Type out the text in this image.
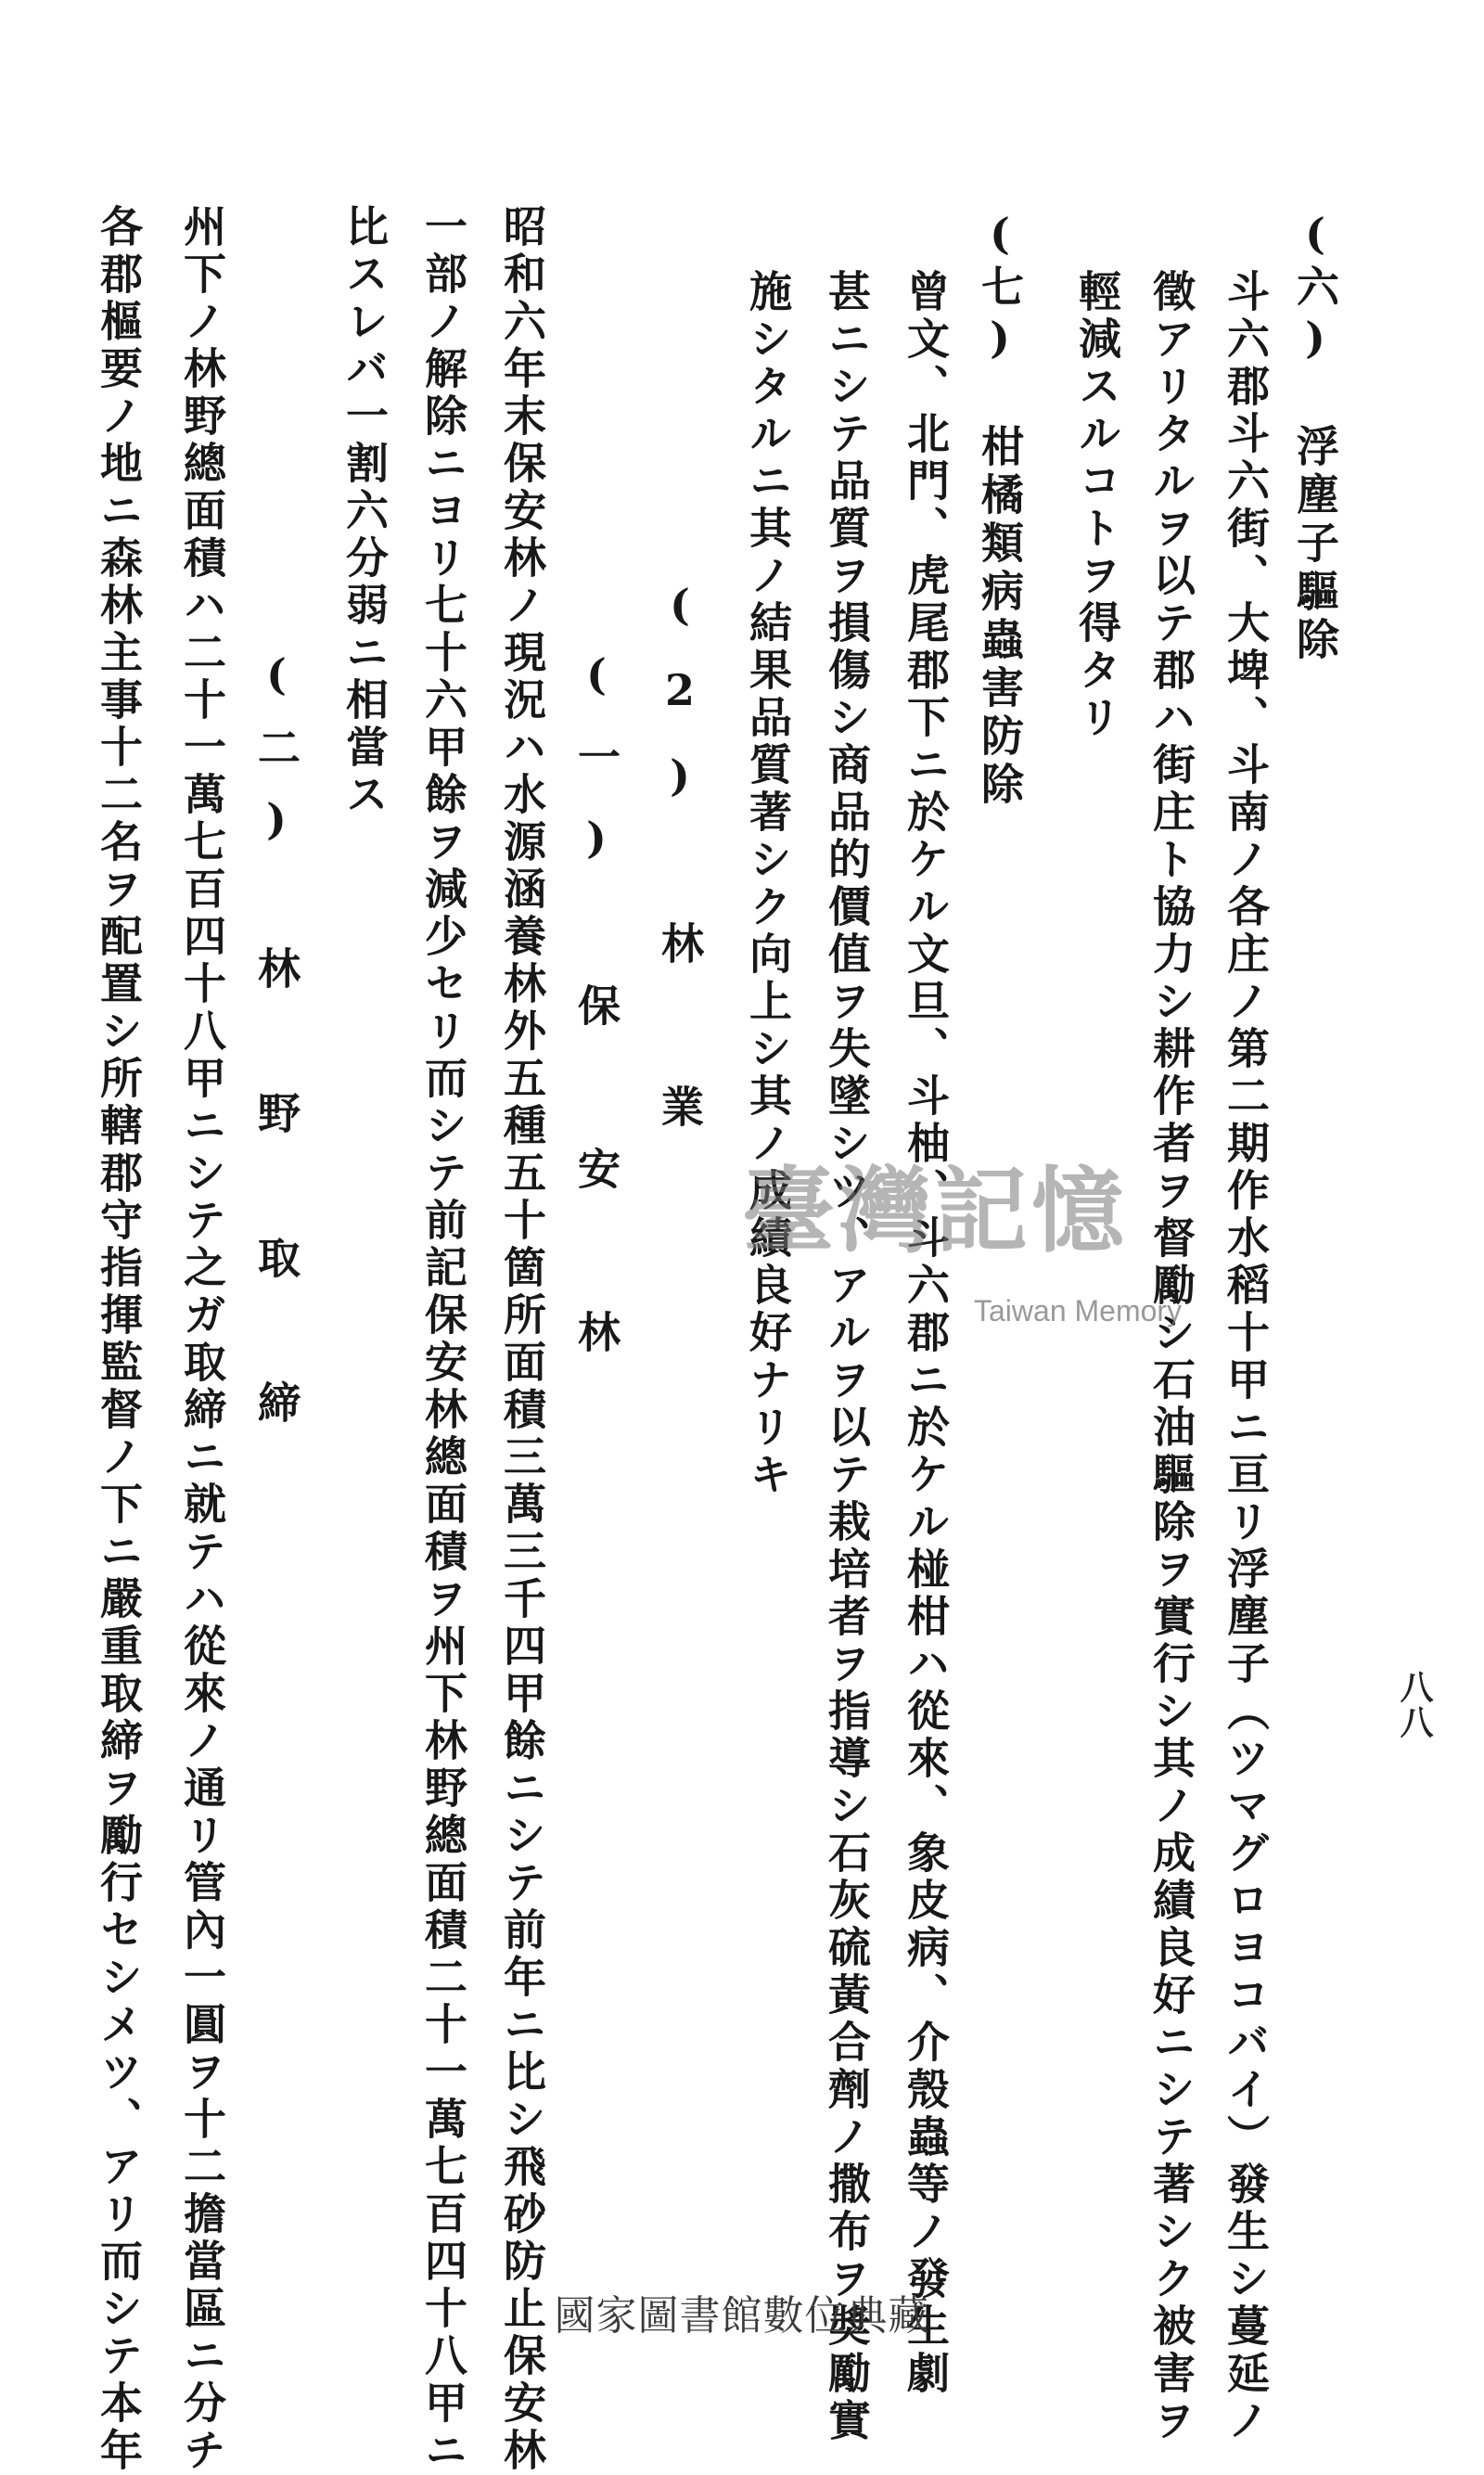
(六) 浮塵子驅除
斗六郡斗六街、大埤、斗南ノ各庄ノ第二期作水稻十甲ニ亘リ浮塵子（ツマグロヨコバイ）發生シ蔓延ノ
徵アリタルヲ以テ郡ハ街庄ト協力シ耕作者ヲ督勵シ石油驅除ヲ實行シ其ノ成績良好ニシテ著シク被害ヲ
輕減スルコトヲ得タリ
(七) 柑橘類病蟲害防除
曾文、北門、虎尾郡下ニ於ケル文旦、斗柚、斗六郡ニ於ケル椪柑ハ從來、象皮病、介殼蟲等ノ發生劇
甚ニシテ品質ヲ損傷シ商品的價值ヲ失墜シツ、アルヲ以テ栽培者ヲ指導シ石灰硫黃合劑ノ撒布ヲ奬勵實
施シタルニ其ノ結果品質著シク向上シ其ノ成績良好ナリキ
(2) 林 業
(一) 保 安 林
昭和六年末保安林ノ現況ハ水源涵養林外五種五十箇所面積三萬三千四甲餘ニシテ前年ニ比シ飛砂防止保安林
一部ノ解除ニヨリ七十六甲餘ヲ減少セリ而シテ前記保安林總面積ヲ州下林野總面積二十一萬七百四十八甲ニ
比スレバ一割六分弱ニ相當ス
(二) 林 野 取 締
州下ノ林野總面積ハ二十一萬七百四十八甲ニシテ之ガ取締ニ就テハ從來ノ通リ管內一圓ヲ十二擔當區ニ分チ
各郡樞要ノ地ニ森林主事十二名ヲ配置シ所轄郡守指揮監督ノ下ニ嚴重取締ヲ勵行セシメツ、アリ而シテ本年	八八
臺灣記憶
Taiwan Memory
國家圖書館數位典藏
